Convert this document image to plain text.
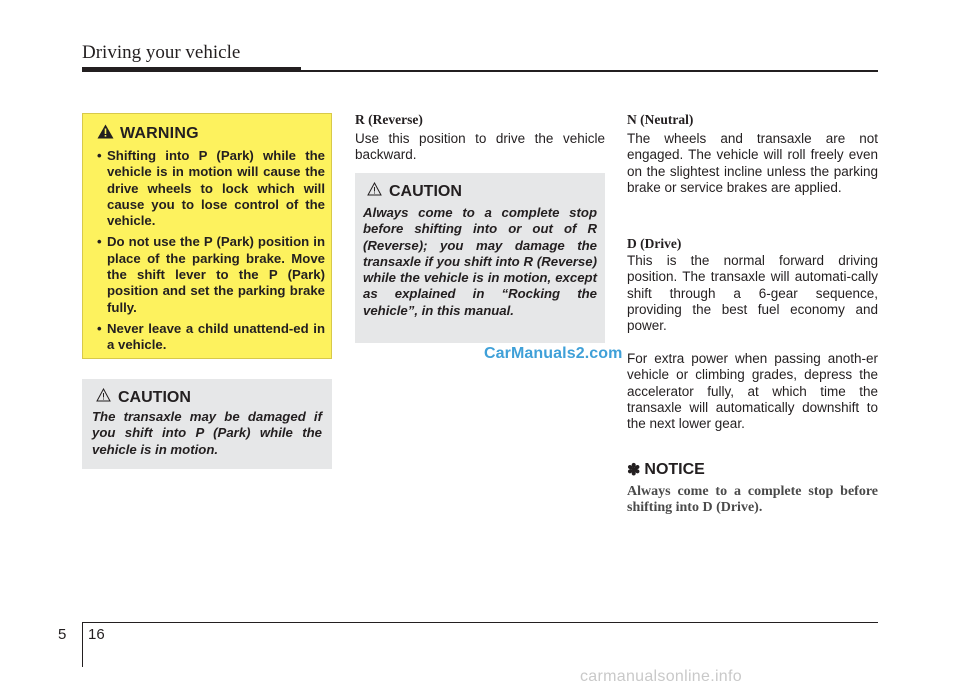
Driving your vehicle
WARNING
• Shifting into P (Park) while the vehicle is in motion will cause the drive wheels to lock which will cause you to lose control of the vehicle.
• Do not use the P (Park) position in place of the parking brake. Move the shift lever to the P (Park) position and set the parking brake fully.
• Never leave a child unattend-ed in a vehicle.
CAUTION
The transaxle may be damaged if you shift into P (Park) while the vehicle is in motion.
R (Reverse)
Use this position to drive the vehicle backward.
CAUTION
Always come to a complete stop before shifting into or out of R (Reverse); you may damage the transaxle if you shift into R (Reverse) while the vehicle is in motion, except as explained in “Rocking the vehicle”, in this manual.
CarManuals2.com
N (Neutral)
The wheels and transaxle are not engaged. The vehicle will roll freely even on the slightest incline unless the parking brake or service brakes are applied.
D (Drive)
This is the normal forward driving position. The transaxle will automati-cally shift through a 6-gear sequence, providing the best fuel economy and power.
For extra power when passing anoth-er vehicle or climbing grades, depress the accelerator fully, at which time the transaxle will automatically downshift to the next lower gear.
✽ NOTICE
Always come to a complete stop before shifting into D (Drive).
5 16
carmanualsonline.info
